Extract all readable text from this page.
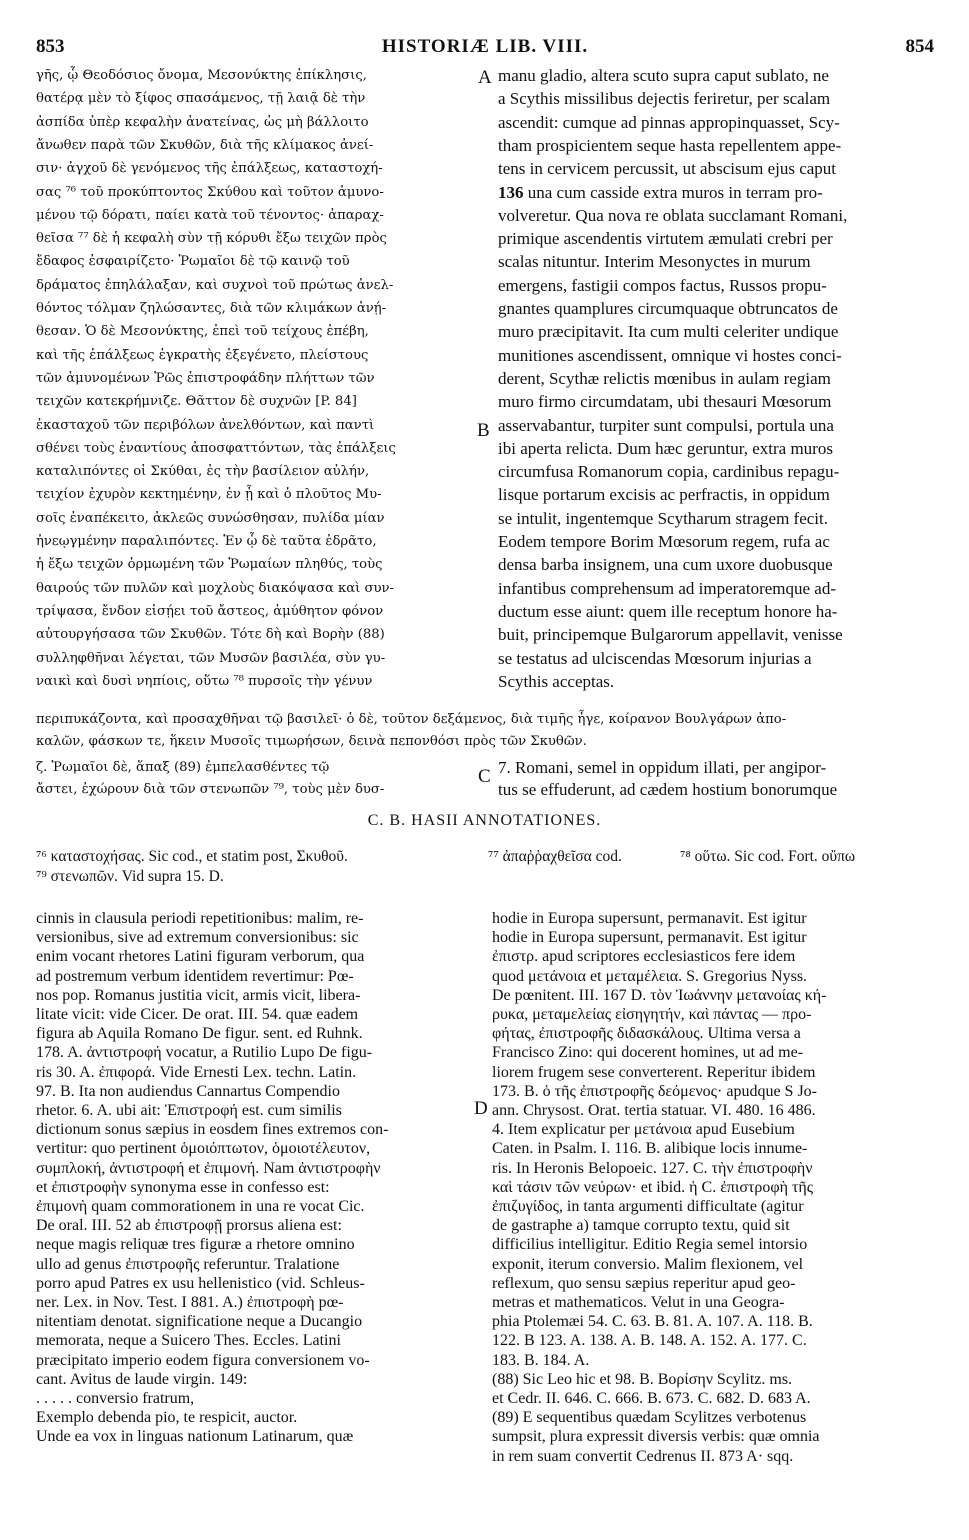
853	HISTORIÆ LIB. VIII.	854
γῆς, ᾧ Θεοδόσιος ὄνομα, Μεσονύκτης ἐπίκλησις,
θατέρᾳ μὲν τὸ ξίφος σπασάμενος, τῇ λαιᾷ δὲ τὴν
ἀσπίδα ὑπὲρ κεφαλὴν ἀνατείνας, ὡς μὴ βάλλοιτο
ἄνωθεν παρὰ τῶν Σκυθῶν, διὰ τῆς κλίμακος ἀνεί-
σιν· ἀγχοῦ δὲ γενόμενος τῆς ἐπάλξεως, καταστοχή-
σας ⁷⁶ τοῦ προκύπτοντος Σκύθου καὶ τοῦτον ἀμυνο-
μένου τῷ δόρατι, παίει κατὰ τοῦ τένοντος· ἀπαραχ-
θεῖσα ⁷⁷ δὲ ἡ κεφαλὴ σὺν τῇ κόρυθι ἔξω τειχῶν πρὸς
ἔδαφος ἐσφαιρίζετο· Ῥωμαῖοι δὲ τῷ καινῷ τοῦ
δράματος ἐπηλάλαξαν, καὶ συχνοὶ τοῦ πρώτως ἀνελ-
θόντος τόλμαν ζηλώσαντες, διὰ τῶν κλιμάκων ἀνῄ-
θεσαν. Ὁ δὲ Μεσονύκτης, ἐπεὶ τοῦ τείχους ἐπέβη,
καὶ τῆς ἐπάλξεως ἐγκρατὴς ἐξεγένετο, πλείστους
τῶν ἀμυνομένων Ῥῶς ἐπιστροφάδην πλήττων τῶν
τειχῶν κατεκρήμνιζε. Θᾶττον δὲ συχνῶν [P. 84]
ἑκασταχοῦ τῶν περιβόλων ἀνελθόντων, καὶ παντὶ
σθένει τοὺς ἐναντίους ἀποσφαττόντων, τὰς ἐπάλξεις
καταλιπόντες οἱ Σκύθαι, ἐς τὴν βασίλειον αὐλήν,
τειχίον ἐχυρὸν κεκτημένην, ἐν ᾗ καὶ ὁ πλοῦτος Μυ-
σοῖς ἐναπέκειτο, ἀκλεῶς συνώσθησαν, πυλίδα μίαν
ἠνεῳγμένην παραλιπόντες. Ἐν ᾧ δὲ ταῦτα ἐδρᾶτο,
ἡ ἔξω τειχῶν ὁρμωμένη τῶν Ῥωμαίων πληθύς, τοὺς
θαιρούς τῶν πυλῶν καὶ μοχλοὺς διακόψασα καὶ συν-
τρίψασα, ἔνδον εἰσῄει τοῦ ἄστεος, ἀμύθητον φόνον
αὐτουργήσασα τῶν Σκυθῶν. Τότε δὴ καὶ Βορὴν (88)
συλληφθῆναι λέγεται, τῶν Μυσῶν βασιλέα, σὺν γυ-
ναικὶ καὶ δυσὶ νηπίοις, οὕτω ⁷⁸ πυρσοῖς τὴν γένυν
manu gladio, altera scuto supra caput sublato, ne
a Scythis missilibus dejectis feriretur, per scalam
ascendit: cumque ad pinnas appropinquasset, Scy-
tham prospicientem seque hasta repellentem appe-
tens in cervicem percussit, ut abscisum ejus caput
136 una cum casside extra muros in terram pro-
volveretur. Qua nova re oblata succlamant Romani,
primique ascendentis virtutem æmulati crebri per
scalas nituntur. Interim Mesonyctes in murum
emergens, fastigii compos factus, Russos propu-
gnantes quamplures circumquaque obtruncatos de
muro præcipitavit. Ita cum multi celeriter undique
munitiones ascendissent, omnique vi hostes conci-
derent, Scythæ relictis mœnibus in aulam regiam
muro firmo circumdatam, ubi thesauri Mœsorum
asservabantur, turpiter sunt compulsi, portula una
ibi aperta relicta. Dum hæc geruntur, extra muros
circumfusa Romanorum copia, cardinibus repagu-
lisque portarum excisis ac perfractis, in oppidum
se intulit, ingentemque Scytharum stragem fecit.
Eodem tempore Borim Mœsorum regem, rufa ac
densa barba insignem, una cum uxore duobusque
infantibus comprehensum ad imperatoremque ad-
ductum esse aiunt: quem ille receptum honore ha-
buit, principemque Bulgarorum appellavit, venisse
se testatus ad ulciscendas Mœsorum injurias a
Scythis acceptas.
A
B
C
D
περιπυκάζοντα, καὶ προσαχθῆναι τῷ βασιλεῖ· ὁ δὲ, τοῦτον δεξάμενος, διὰ τιμῆς ἦγε, κοίρανον Βουλγάρων ἀπο-
καλῶν, φάσκων τε, ἥκειν Μυσοῖς τιμωρήσων, δεινὰ πεπονθόσι πρὸς τῶν Σκυθῶν.
ζ. Ῥωμαῖοι δὲ, ἅπαξ (89) ἐμπελασθέντες τῷ
ἄστει, ἐχώρουν διὰ τῶν στενωπῶν ⁷⁹, τοὺς μὲν δυσ-
7. Romani, semel in oppidum illati, per angipor-
tus se effuderunt, ad cædem hostium bonorumque
C. B. HASII ANNOTATIONES.
⁷⁶ καταστοχήσας. Sic cod., et statim post, Σκυθοῦ.	⁷⁷ ἀπαῤῥαχθεῖσα cod.	⁷⁸ οὕτω. Sic cod. Fort. οὔπω
⁷⁹ στενωπῶν. Vid supra 15. D.
cinnis in clausula periodi repetitionibus: malim, re-
versionibus, sive ad extremum conversionibus: sic
enim vocant rhetores Latini figuram verborum, qua
ad postremum verbum identidem revertimur: Pœ-
nos pop. Romanus justitia vicit, armis vicit, libera-
litate vicit: vide Cicer. De orat. III. 54. quæ eadem
figura ab Aquila Romano De figur. sent. ed Ruhnk.
178. A. ἀντιστροφή vocatur, a Rutilio Lupo De figu-
ris 30. A. ἐπιφορά. Vide Ernesti Lex. techn. Latin.
97. B. Ita non audiendus Cannartus Compendio
rhetor. 6. A. ubi ait: Ἐπιστροφή est. cum similis
dictionum sonus sæpius in eosdem fines extremos con-
vertitur: quo pertinent ὁμοιόπτωτον, ὁμοιοτέλευτον,
συμπλοκή, ἀντιστροφή et ἐπιμονή. Nam ἀντιστροφὴν
et ἐπιστροφὴν synonyma esse in confesso est:
ἐπιμονὴ quam commorationem in una re vocat Cic.
De oral. III. 52 ab ἐπιστροφῇ prorsus aliena est:
neque magis reliquæ tres figuræ a rhetore omnino
ullo ad genus ἐπιστροφῆς referuntur. Tralatione
porro apud Patres ex usu hellenistico (vid. Schleus-
ner. Lex. in Nov. Test. I 881. A.) ἐπιστροφὴ pœ-
nitentiam denotat. significatione neque a Ducangio
memorata, neque a Suicero Thes. Eccles. Latini
præcipitato imperio eodem figura conversionem vo-
cant. Avitus de laude virgin. 149:
. . . . . conversio fratrum,
Exemplo debenda pio, te respicit, auctor.
Unde ea vox in linguas nationum Latinarum, quæ
hodie in Europa supersunt, permanavit. Est igitur
hodie in Europa supersunt, permanavit. Est igitur
ἐπιστρ. apud scriptores ecclesiasticos fere idem
quod μετάνοια et μεταμέλεια. S. Gregorius Nyss.
De pœnitent. III. 167 D. τὸν Ἰωάννην μετανοίας κή-
ρυκα, μεταμελείας εἰσηγητήν, καὶ πάντας — προ-
φήτας, ἐπιστροφῆς διδασκάλους. Ultima versa a
Francisco Zino: qui docerent homines, ut ad me-
liorem frugem sese converterent. Reperitur ibidem
173. B. ὁ τῆς ἐπιστροφῆς δεόμενος· apudque S Jo-
ann. Chrysost. Orat. tertia statuar. VI. 480. 16 486.
4. Item explicatur per μετάνοια apud Eusebium
Caten. in Psalm. I. 116. B. alibique locis innume-
ris. In Heronis Belopoeic. 127. C. τὴν ἐπιστροφὴν
καὶ τάσιν τῶν νεύρων· et ibid. ἡ C. ἐπιστροφὴ τῆς
ἐπιζυγίδος, in tanta argumenti difficultate (agitur
de gastraphe a) tamque corrupto textu, quid sit
difficilius intelligitur. Editio Regia semel intorsio
exponit, iterum conversio. Malim flexionem, vel
reflexum, quo sensu sæpius reperitur apud geo-
metras et mathematicos. Velut in una Geogra-
phia Ptolemæi 54. C. 63. B. 81. A. 107. A. 118. B.
122. B 123. A. 138. A. B. 148. A. 152. A. 177. C.
183. B. 184. A.
(88) Sic Leo hic et 98. B. Βορίσην Scylitz. ms.
et Cedr. II. 646. C. 666. B. 673. C. 682. D. 683 A.
(89) E sequentibus quædam Scylitzes verbotenus
sumpsit, plura expressit diversis verbis: quæ omnia
in rem suam convertit Cedrenus II. 873 A· sqq.
